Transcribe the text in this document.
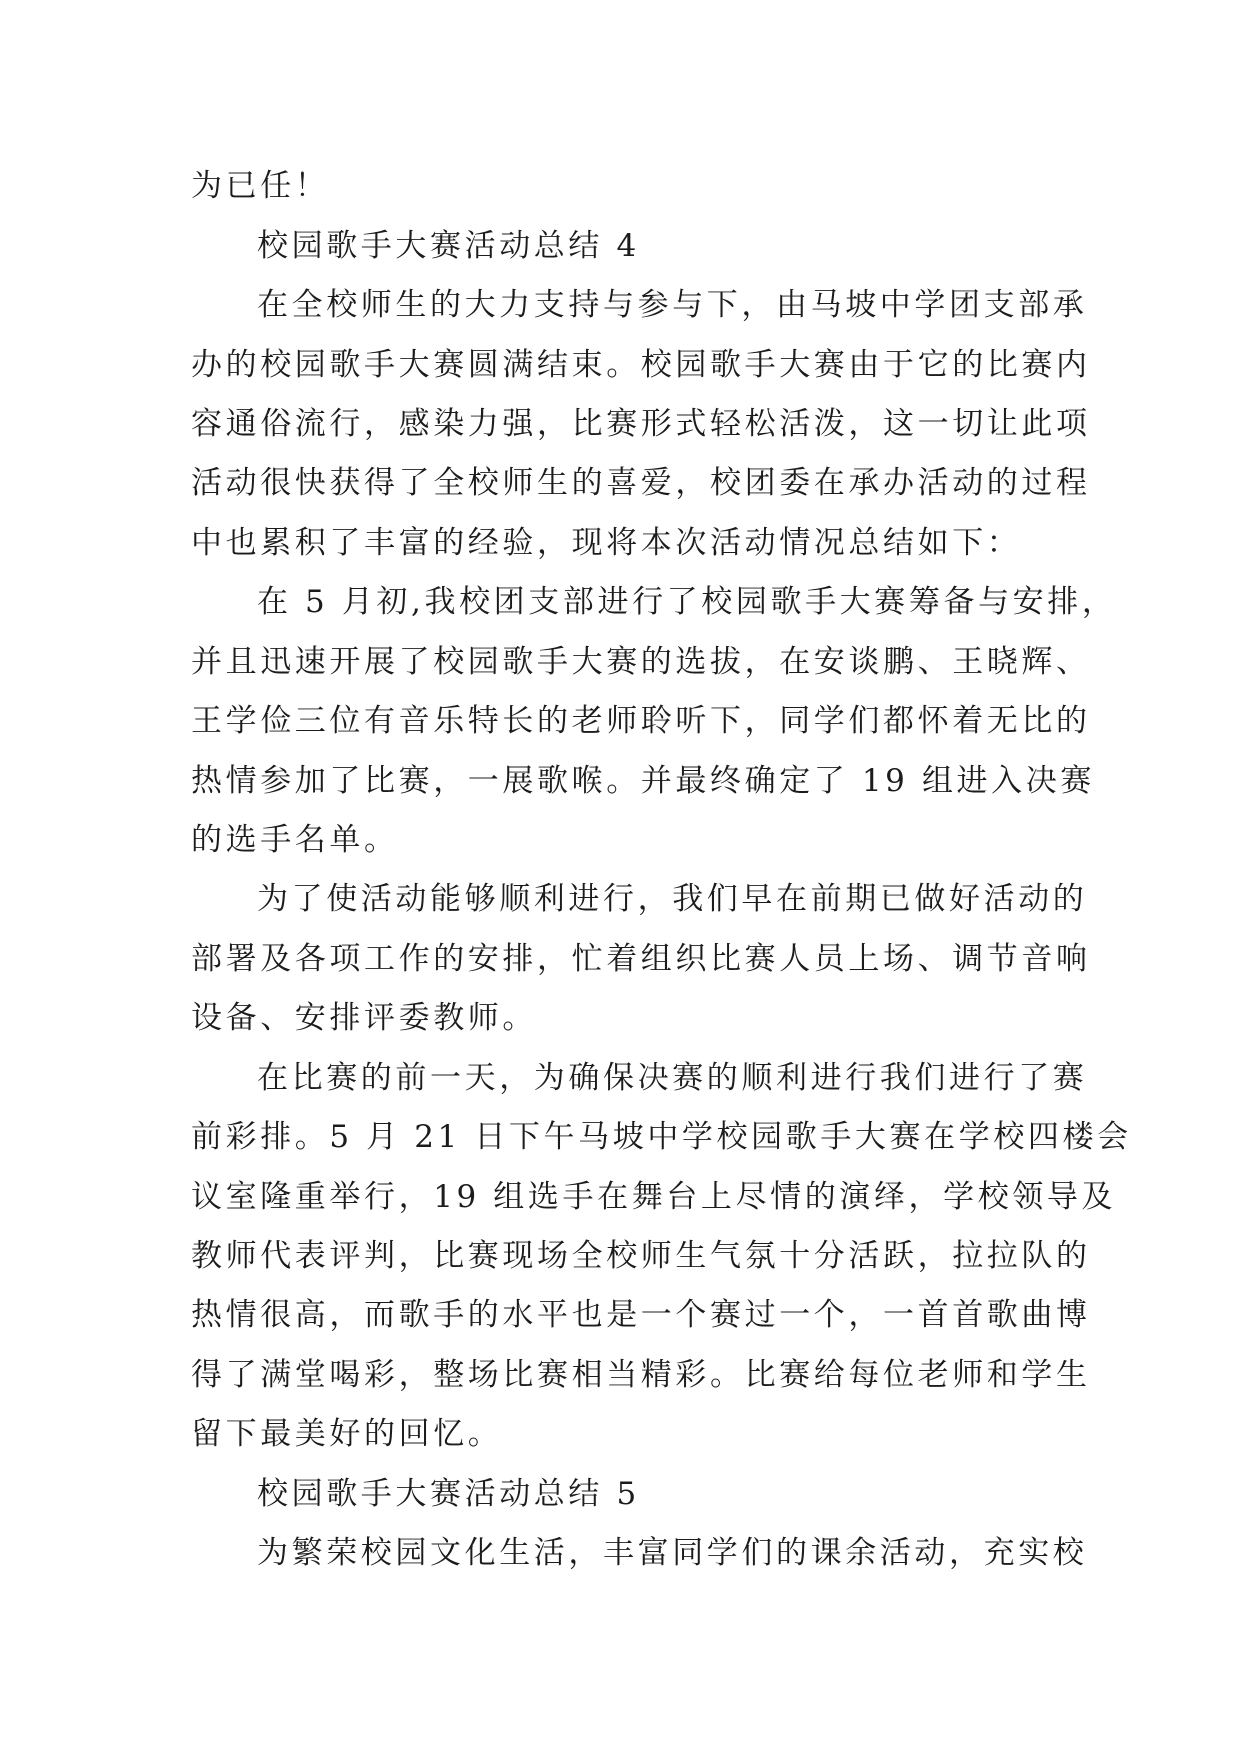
为已任！
校园歌手大赛活动总结 4
在全校师生的大力支持与参与下，由马坡中学团支部承
办的校园歌手大赛圆满结束。校园歌手大赛由于它的比赛内
容通俗流行，感染力强，比赛形式轻松活泼，这一切让此项
活动很快获得了全校师生的喜爱，校团委在承办活动的过程
中也累积了丰富的经验，现将本次活动情况总结如下：
在 5 月初,我校团支部进行了校园歌手大赛筹备与安排，
并且迅速开展了校园歌手大赛的选拔，在安谈鹏、王晓辉、
王学俭三位有音乐特长的老师聆听下，同学们都怀着无比的
热情参加了比赛，一展歌喉。并最终确定了 19 组进入决赛
的选手名单。
为了使活动能够顺利进行，我们早在前期已做好活动的
部署及各项工作的安排，忙着组织比赛人员上场、调节音响
设备、安排评委教师。
在比赛的前一天，为确保决赛的顺利进行我们进行了赛
前彩排。5 月 21 日下午马坡中学校园歌手大赛在学校四楼会
议室隆重举行，19 组选手在舞台上尽情的演绎，学校领导及
教师代表评判，比赛现场全校师生气氛十分活跃，拉拉队的
热情很高，而歌手的水平也是一个赛过一个，一首首歌曲博
得了满堂喝彩，整场比赛相当精彩。比赛给每位老师和学生
留下最美好的回忆。
校园歌手大赛活动总结 5
为繁荣校园文化生活，丰富同学们的课余活动，充实校
